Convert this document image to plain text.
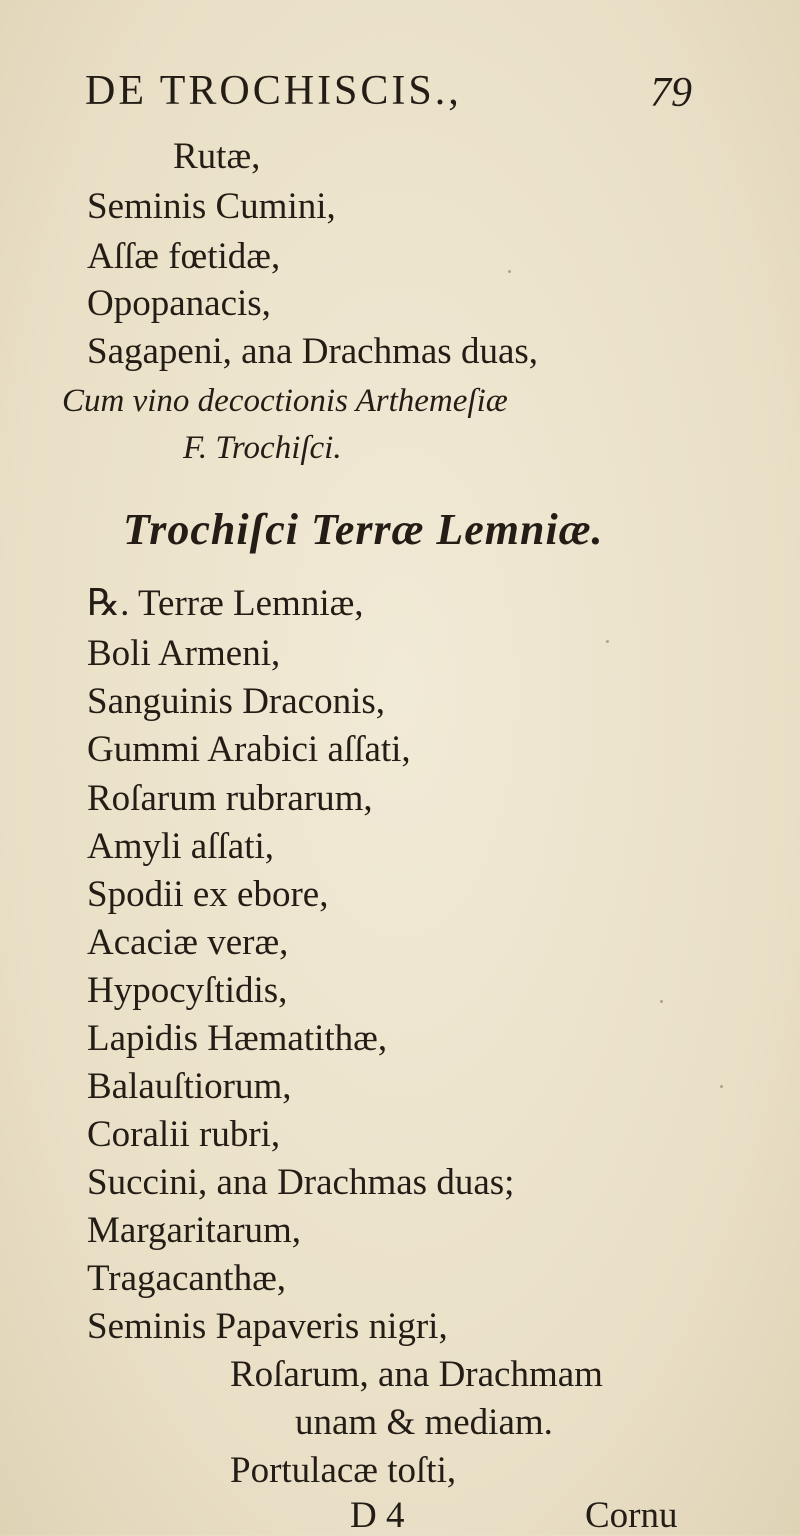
DE TROCHISCIS.,	79
Rutæ,
Seminis Cumini,
Aſſæ fœtidæ,
Opopanacis,
Sagapeni, ana Drachmas duas,
Cum vino decoctionis Arthemeſiæ
F. Trochiſci.
Trochiſci Terræ Lemniæ.
℞. Terræ Lemniæ,
Boli Armeni,
Sanguinis Draconis,
Gummi Arabici aſſati,
Roſarum rubrarum,
Amyli aſſati,
Spodii ex ebore,
Acaciæ veræ,
Hypocyſtidis,
Lapidis Hæmatithæ,
Balauſtiorum,
Coralii rubri,
Succini, ana Drachmas duas;
Margaritarum,
Tragacanthæ,
Seminis Papaveris nigri,
Roſarum, ana Drachmam
unam & mediam.
Portulacæ toſti,
D 4	Cornu
